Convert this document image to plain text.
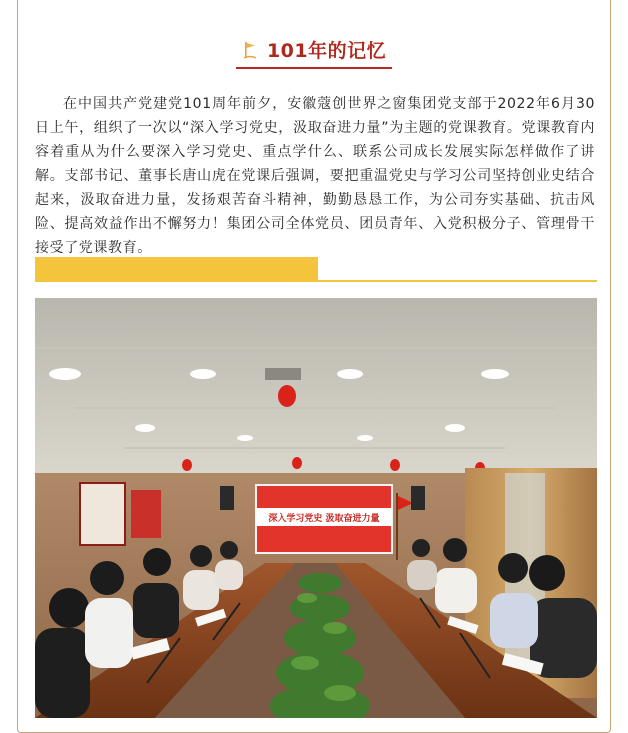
101年的记忆

在中国共产党建党101周年前夕，安徽蔻创世界之窗集团党支部于2022年6月30日上午，组织了一次以“深入学习党史，汲取奋进力量”为主题的党课教育。党课教育内容着重从为什么要深入学习党史、重点学什么、联系公司成长发展实际怎样做作了讲解。支部书记、董事长唐山虎在党课后强调，要把重温党史与学习公司坚持创业史结合起来，汲取奋进力量，发扬艰苦奋斗精神，勤勤恳恳工作，为公司夯实基础、抗击风险、提高效益作出不懈努力！集团公司全体党员、团员青年、入党积极分子、管理骨干接受了党课教育。

深入学习党史 汲取奋进力量
